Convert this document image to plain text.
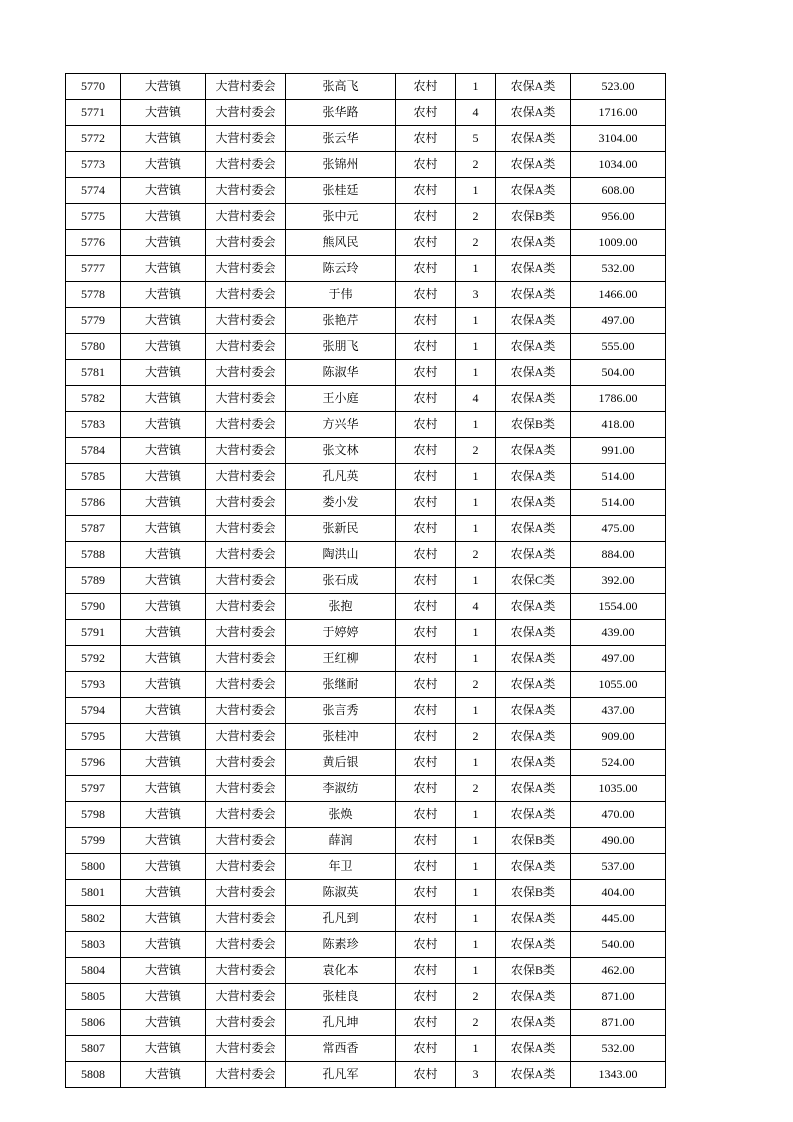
5770	大营镇	大营村委会	张高飞	农村	1	农保A类	523.00
5771	大营镇	大营村委会	张华路	农村	4	农保A类	1716.00
5772	大营镇	大营村委会	张云华	农村	5	农保A类	3104.00
5773	大营镇	大营村委会	张锦州	农村	2	农保A类	1034.00
5774	大营镇	大营村委会	张桂廷	农村	1	农保A类	608.00
5775	大营镇	大营村委会	张中元	农村	2	农保B类	956.00
5776	大营镇	大营村委会	熊风民	农村	2	农保A类	1009.00
5777	大营镇	大营村委会	陈云玲	农村	1	农保A类	532.00
5778	大营镇	大营村委会	于伟	农村	3	农保A类	1466.00
5779	大营镇	大营村委会	张艳芹	农村	1	农保A类	497.00
5780	大营镇	大营村委会	张朋飞	农村	1	农保A类	555.00
5781	大营镇	大营村委会	陈淑华	农村	1	农保A类	504.00
5782	大营镇	大营村委会	王小庭	农村	4	农保A类	1786.00
5783	大营镇	大营村委会	方兴华	农村	1	农保B类	418.00
5784	大营镇	大营村委会	张文林	农村	2	农保A类	991.00
5785	大营镇	大营村委会	孔凡英	农村	1	农保A类	514.00
5786	大营镇	大营村委会	娄小发	农村	1	农保A类	514.00
5787	大营镇	大营村委会	张新民	农村	1	农保A类	475.00
5788	大营镇	大营村委会	陶洪山	农村	2	农保A类	884.00
5789	大营镇	大营村委会	张石成	农村	1	农保C类	392.00
5790	大营镇	大营村委会	张抱	农村	4	农保A类	1554.00
5791	大营镇	大营村委会	于婷婷	农村	1	农保A类	439.00
5792	大营镇	大营村委会	王红柳	农村	1	农保A类	497.00
5793	大营镇	大营村委会	张继耐	农村	2	农保A类	1055.00
5794	大营镇	大营村委会	张言秀	农村	1	农保A类	437.00
5795	大营镇	大营村委会	张桂冲	农村	2	农保A类	909.00
5796	大营镇	大营村委会	黄后银	农村	1	农保A类	524.00
5797	大营镇	大营村委会	李淑纺	农村	2	农保A类	1035.00
5798	大营镇	大营村委会	张焕	农村	1	农保A类	470.00
5799	大营镇	大营村委会	薛润	农村	1	农保B类	490.00
5800	大营镇	大营村委会	年卫	农村	1	农保A类	537.00
5801	大营镇	大营村委会	陈淑英	农村	1	农保B类	404.00
5802	大营镇	大营村委会	孔凡到	农村	1	农保A类	445.00
5803	大营镇	大营村委会	陈素珍	农村	1	农保A类	540.00
5804	大营镇	大营村委会	袁化本	农村	1	农保B类	462.00
5805	大营镇	大营村委会	张桂良	农村	2	农保A类	871.00
5806	大营镇	大营村委会	孔凡坤	农村	2	农保A类	871.00
5807	大营镇	大营村委会	常西香	农村	1	农保A类	532.00
5808	大营镇	大营村委会	孔凡军	农村	3	农保A类	1343.00
